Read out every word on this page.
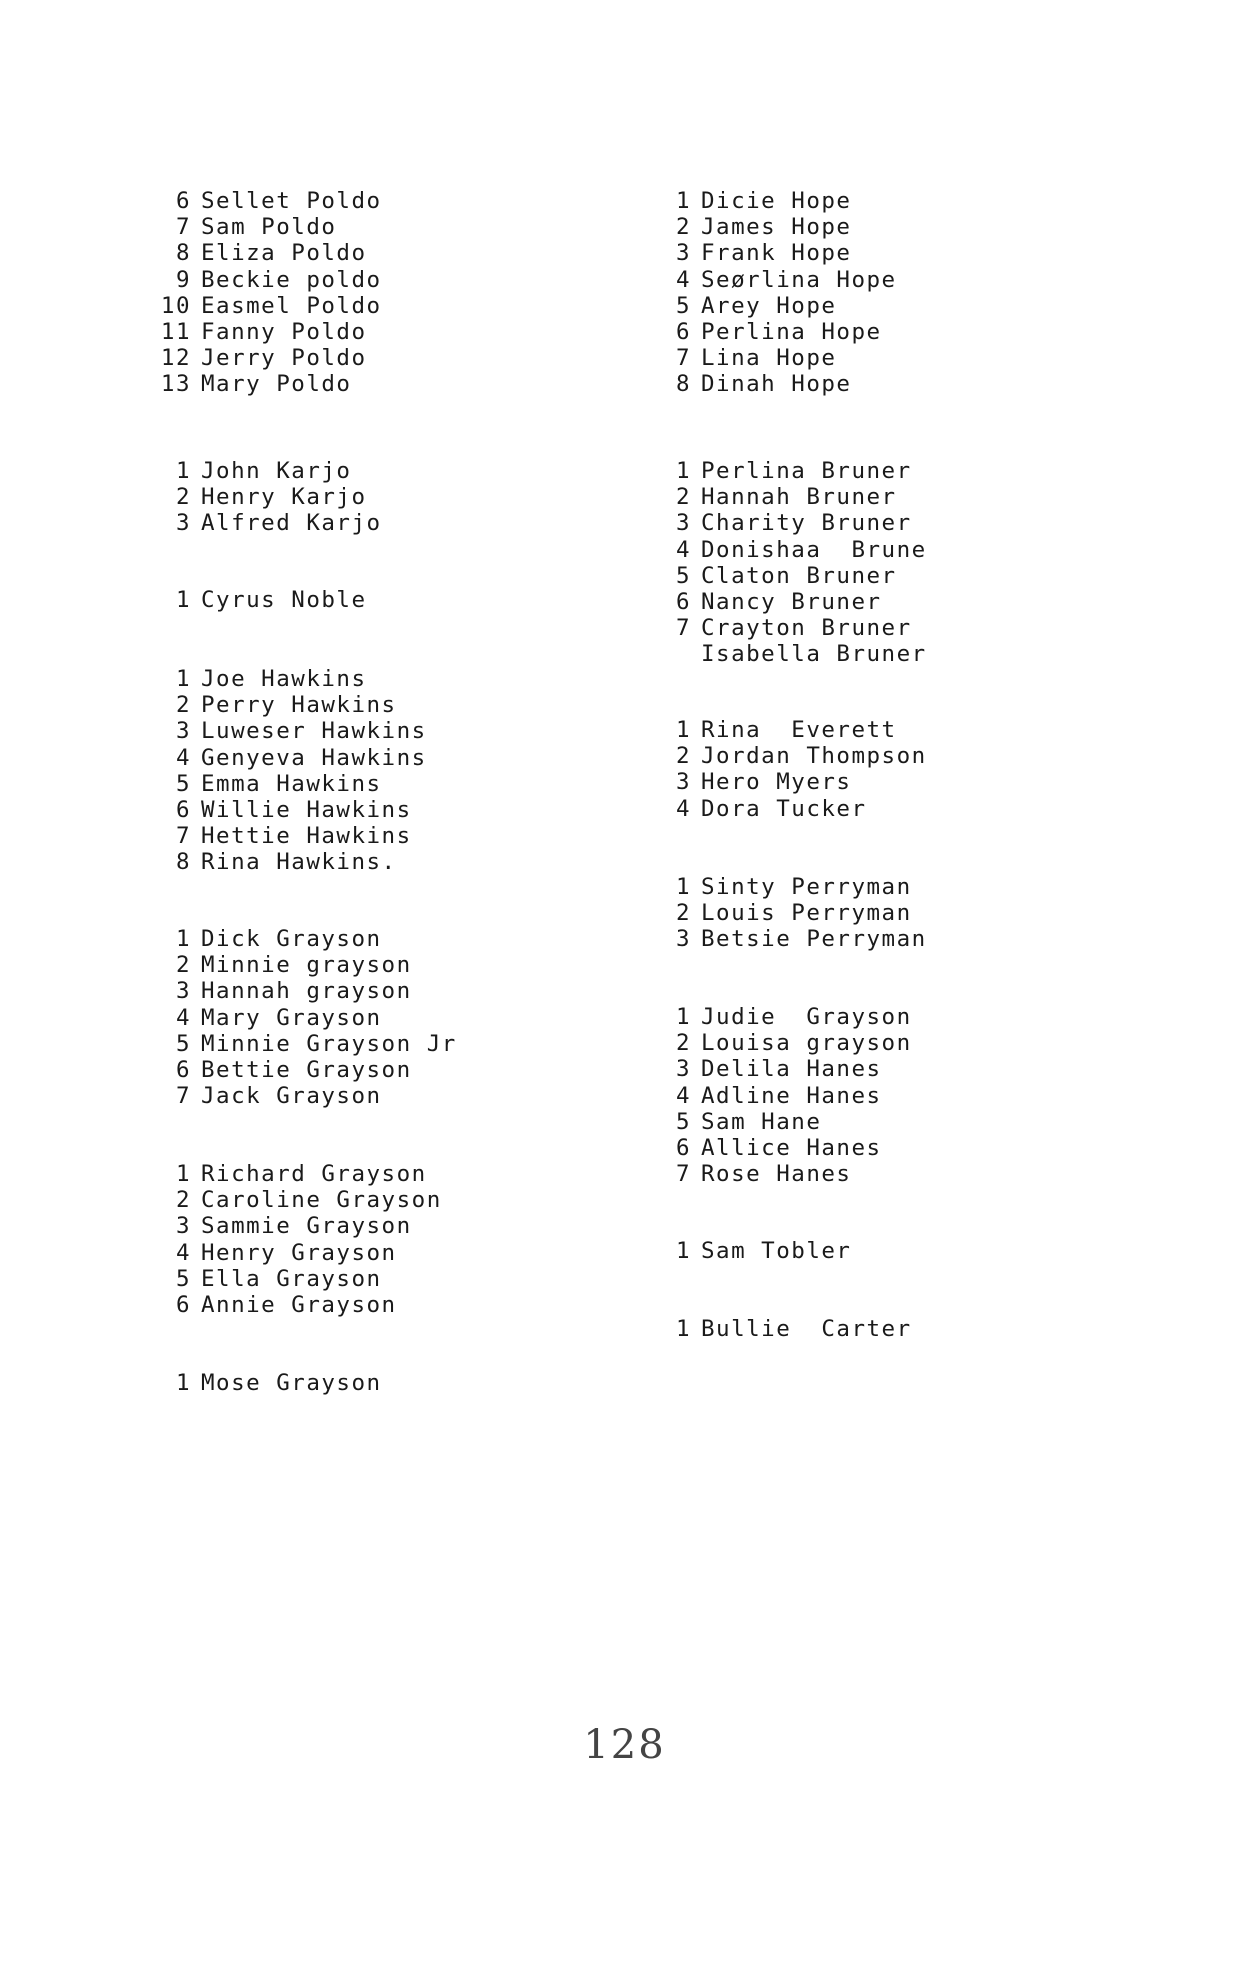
6 Sellet Poldo
7 Sam Poldo
8 Eliza Poldo
9 Beckie poldo
10 Easmel Poldo
11 Fanny Poldo
12 Jerry Poldo
13 Mary Poldo
1 John Karjo
2 Henry Karjo
3 Alfred Karjo
1 Cyrus Noble
1 Joe Hawkins
2 Perry Hawkins
3 Luweser Hawkins
4 Genyeva Hawkins
5 Emma Hawkins
6 Willie Hawkins
7 Hettie Hawkins
8 Rina Hawkins.
1 Dick Grayson
2 Minnie grayson
3 Hannah grayson
4 Mary Grayson
5 Minnie Grayson Jr
6 Bettie Grayson
7 Jack Grayson
1 Richard Grayson
2 Caroline Grayson
3 Sammie Grayson
4 Henry Grayson
5 Ella Grayson
6 Annie Grayson
1 Mose Grayson
1 Dicie Hope
2 James Hope
3 Frank Hope
4 Seørlina Hope
5 Arey Hope
6 Perlina Hope
7 Lina Hope
8 Dinah Hope
1 Perlina Bruner
2 Hannah Bruner
3 Charity Bruner
4 Donishaa  Brune
5 Claton Bruner
6 Nancy Bruner
7 Crayton Bruner
Isabella Bruner
1 Rina  Everett
2 Jordan Thompson
3 Hero Myers
4 Dora Tucker
1 Sinty Perryman
2 Louis Perryman
3 Betsie Perryman
1 Judie  Grayson
2 Louisa grayson
3 Delila Hanes
4 Adline Hanes
5 Sam Hane
6 Allice Hanes
7 Rose Hanes
1 Sam Tobler
1 Bullie  Carter
128
